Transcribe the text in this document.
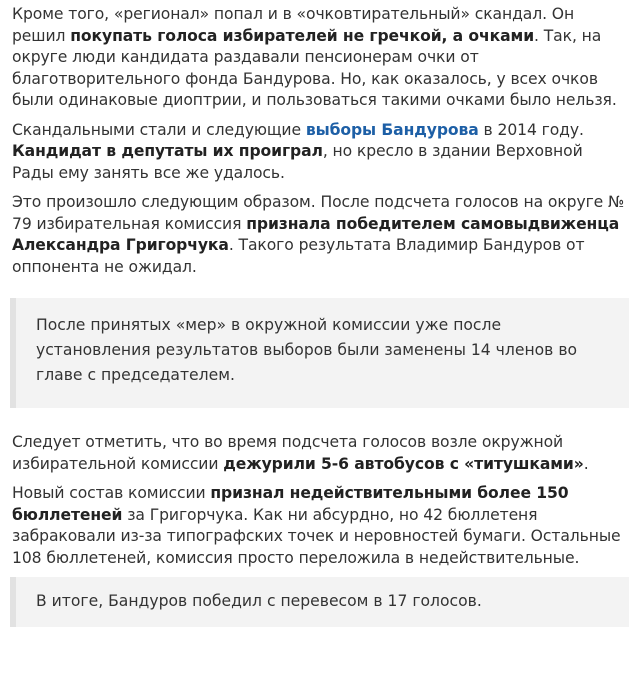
Кроме того, «регионал» попал и в «очковтирательный» скандал. Он решил покупать голоса избирателей не гречкой, а очками. Так, на округе люди кандидата раздавали пенсионерам очки от благотворительного фонда Бандурова. Но, как оказалось, у всех очков были одинаковые диоптрии, и пользоваться такими очками было нельзя.

Скандальными стали и следующие выборы Бандурова в 2014 году. Кандидат в депутаты их проиграл, но кресло в здании Верховной Рады ему занять все же удалось.

Это произошло следующим образом. После подсчета голосов на округе № 79 избирательная комиссия признала победителем самовыдвиженца Александра Григорчука. Такого результата Владимир Бандуров от оппонента не ожидал.

После принятых «мер» в окружной комиссии уже после установления результатов выборов были заменены 14 членов во главе с председателем.

Следует отметить, что во время подсчета голосов возле окружной избирательной комиссии дежурили 5-6 автобусов с «титушками».

Новый состав комиссии признал недействительными более 150 бюллетеней за Григорчука. Как ни абсурдно, но 42 бюллетеня забраковали из-за типографских точек и неровностей бумаги. Остальные 108 бюллетеней, комиссия просто переложила в недействительные.

В итоге, Бандуров победил с перевесом в 17 голосов.
